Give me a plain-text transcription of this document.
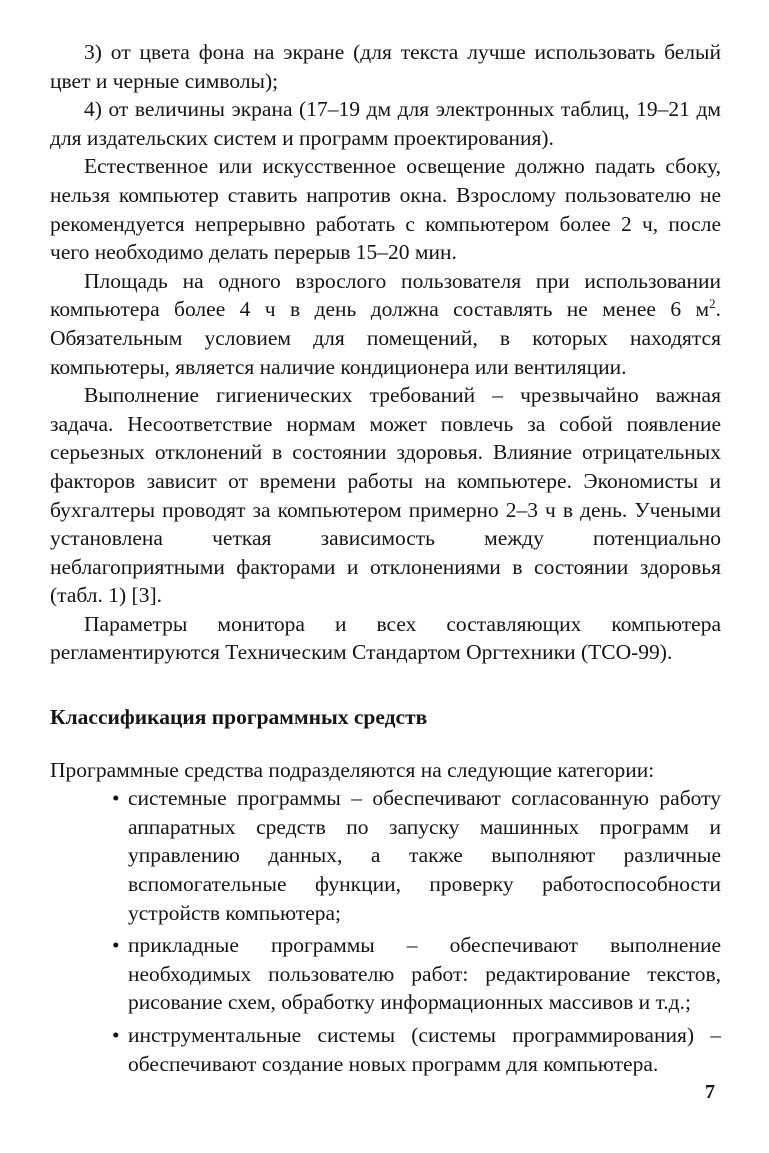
3) от цвета фона на экране (для текста лучше использовать белый цвет и черные символы);

4) от величины экрана (17–19 дм для электронных таблиц, 19–21 дм для издательских систем и программ проектирования).

Естественное или искусственное освещение должно падать сбоку, нельзя компьютер ставить напротив окна. Взрослому пользователю не рекомендуется непрерывно работать с компьютером более 2 ч, после чего необходимо делать перерыв 15–20 мин.

Площадь на одного взрослого пользователя при использовании компьютера более 4 ч в день должна составлять не менее 6 $м^2$. Обязательным условием для помещений, в которых находятся компьютеры, является наличие кондиционера или вентиляции.

Выполнение гигиенических требований – чрезвычайно важная задача. Несоответствие нормам может повлечь за собой появление серьезных отклонений в состоянии здоровья. Влияние отрицательных факторов зависит от времени работы на компьютере. Экономисты и бухгалтеры проводят за компьютером примерно 2–3 ч в день. Учеными установлена четкая зависимость между потенциально неблагоприятными факторами и отклонениями в состоянии здоровья (табл. 1) [3].

Параметры монитора и всех составляющих компьютера регламентируются Техническим Стандартом Оргтехники (ТСО-99).

Классификация программных средств

Программные средства подразделяются на следующие категории:

• системные программы – обеспечивают согласованную работу аппаратных средств по запуску машинных программ и управлению данных, а также выполняют различные вспомогательные функции, проверку работоспособности устройств компьютера;
• прикладные программы – обеспечивают выполнение необходимых пользователю работ: редактирование текстов, рисование схем, обработку информационных массивов и т.д.;
• инструментальные системы (системы программирования) – обеспечивают создание новых программ для компьютера.
7
